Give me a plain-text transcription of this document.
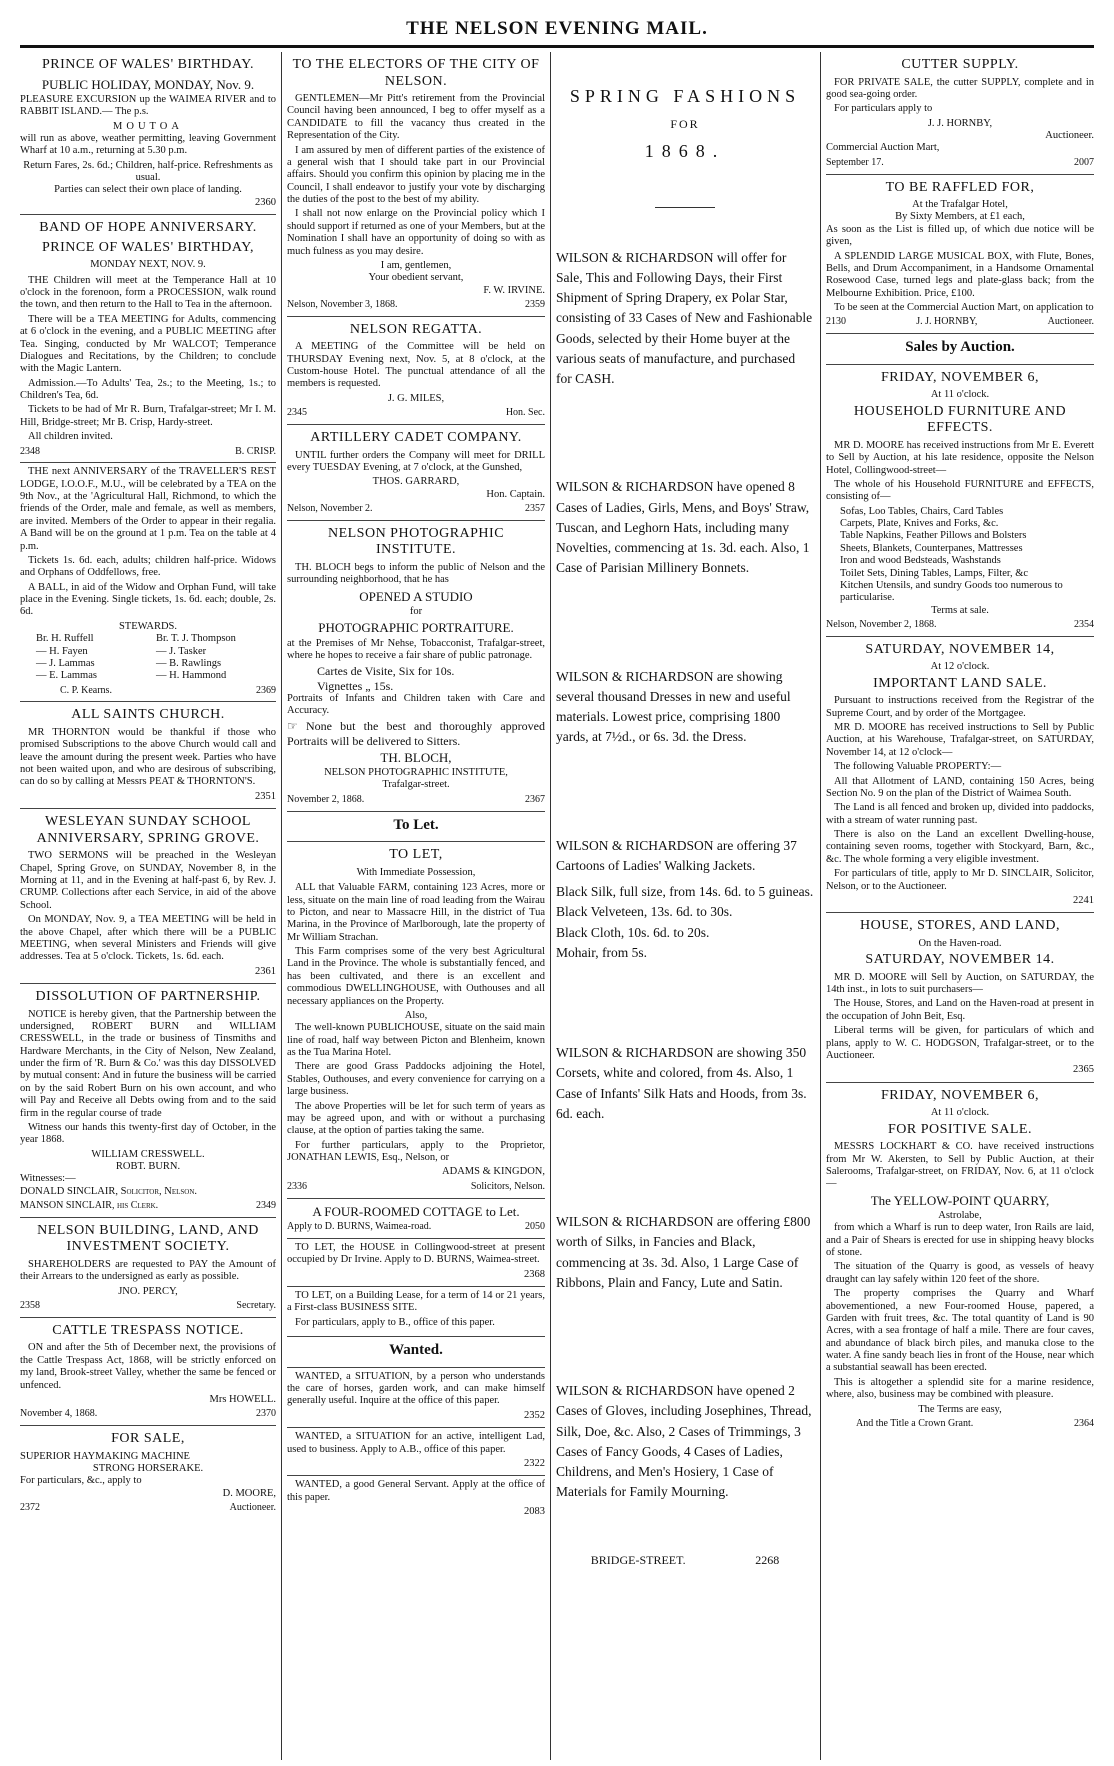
THE NELSON EVENING MAIL.
PRINCE OF WALES' BIRTHDAY.
PUBLIC HOLIDAY, MONDAY, Nov. 9.

PLEASURE EXCURSION up the WAIMEA RIVER and to RABBIT ISLAND.— The p.s.

MOUTOA

will run as above, weather permitting, leaving Government Wharf at 10 a.m., returning at 5.30 p.m.

Return Fares, 2s. 6d.; Children, half-price. Refreshments as usual.
Parties can select their own place of landing.
2360
BAND OF HOPE ANNIVERSARY.
PRINCE OF WALES' BIRTHDAY,
MONDAY NEXT, NOV. 9.

THE Children will meet at the Temperance Hall at 10 o'clock in the forenoon, form a PROCESSION, walk round the town, and then return to the Hall to Tea in the afternoon.

There will be a TEA MEETING for Adults, commencing at 6 o'clock in the evening, and a PUBLIC MEETING after Tea. Singing, conducted by Mr WALCOT; Temperance Dialogues and Recitations, by the Children; to conclude with the Magic Lantern.

Admission.—To Adults' Tea, 2s.; to the Meeting, 1s.; to Children's Tea, 6d.

Tickets to be had of Mr R. Burn, Trafalgar-street; Mr I. M. Hill, Bridge-street; Mr B. Crisp, Hardy-street.

All children invited.

2348	B. CRISP.

THE next ANNIVERSARY of the TRAVELLER'S REST LODGE, I.O.O.F., M.U., will be celebrated by a TEA on the 9th Nov., at the 'Agricultural Hall, Richmond, to which the friends of the Order, male and female, as well as members, are invited. Members of the Order to appear in their regalia. A Band will be on the ground at 1 p.m. Tea on the table at 4 p.m.

Tickets 1s. 6d. each, adults; children half-price. Widows and Orphans of Oddfellows, free.

A BALL, in aid of the Widow and Orphan Fund, will take place in the Evening. Single tickets, 1s. 6d. each; double, 2s. 6d.

STEWARDS.
Br. H. Ruffell	Br. T. J. Thompson
— H. Fayen	— J. Tasker
— J. Lammas	— B. Rawlings
— E. Lammas	— H. Hammond
C. P. Kearns.	2369
ALL SAINTS CHURCH.

MR THORNTON would be thankful if those who promised Subscriptions to the above Church would call and leave the amount during the present week. Parties who have not been waited upon, and who are desirous of subscribing, can do so by calling at Messrs PEAT & THORNTON'S.

2351
WESLEYAN SUNDAY SCHOOL ANNIVERSARY, SPRING GROVE.

TWO SERMONS will be preached in the Wesleyan Chapel, Spring Grove, on SUNDAY, November 8, in the Morning at 11, and in the Evening at half-past 6, by Rev. J. CRUMP. Collections after each Service, in aid of the above School.

On MONDAY, Nov. 9, a TEA MEETING will be held in the above Chapel, after which there will be a PUBLIC MEETING, when several Ministers and Friends will give addresses. Tea at 5 o'clock. Tickets, 1s. 6d. each.

2361
DISSOLUTION OF PARTNERSHIP.

NOTICE is hereby given, that the Partnership between the undersigned, ROBERT BURN and WILLIAM CRESSWELL, in the trade or business of Tinsmiths and Hardware Merchants, in the City of Nelson, New Zealand, under the firm of 'R. Burn & Co.' was this day DISSOLVED by mutual consent: And in future the business will be carried on by the said Robert Burn on his own account, and who will Pay and Receive all Debts owing from and to the said firm in the regular course of trade

Witness our hands this twenty-first day of October, in the year 1868.

WILLIAM CRESSWELL.
ROBT. BURN.
Witnesses:—
DONALD SINCLAIR, Solicitor, Nelson.
MANSON SINCLAIR, his Clerk.	2349
NELSON BUILDING, LAND, AND INVESTMENT SOCIETY.

SHAREHOLDERS are requested to PAY the Amount of their Arrears to the undersigned as early as possible.

JNO. PERCY,
2358	Secretary.
CATTLE TRESPASS NOTICE.

ON and after the 5th of December next, the provisions of the Cattle Trespass Act, 1868, will be strictly enforced on my land, Brook-street Valley, whether the same be fenced or unfenced.

Mrs HOWELL.
November 4, 1868.	2370
FOR SALE,
SUPERIOR HAYMAKING MACHINE
STRONG HORSERAKE.
For particulars, &c., apply to
D. MOORE,
2372	Auctioneer.
TO THE ELECTORS OF THE CITY OF NELSON.

GENTLEMEN—Mr Pitt's retirement from the Provincial Council having been announced, I beg to offer myself as a CANDIDATE to fill the vacancy thus created in the Representation of the City.

I am assured by men of different parties of the existence of a general wish that I should take part in our Provincial affairs. Should you confirm this opinion by placing me in the Council, I shall endeavor to justify your vote by discharging the duties of the post to the best of my ability.

I shall not now enlarge on the Provincial policy which I should support if returned as one of your Members, but at the Nomination I shall have an opportunity of doing so with as much fulness as you may desire.

I am, gentlemen,
Your obedient servant,
F. W. IRVINE.
Nelson, November 3, 1868.	2359
NELSON REGATTA.

A MEETING of the Committee will be held on THURSDAY Evening next, Nov. 5, at 8 o'clock, at the Custom-house Hotel. The punctual attendance of all the members is requested.

J. G. MILES,
2345	Hon. Sec.
ARTILLERY CADET COMPANY.

UNTIL further orders the Company will meet for DRILL every TUESDAY Evening, at 7 o'clock, at the Gunshed,

THOS. GARRARD,
Hon. Captain.
Nelson, November 2.	2357
NELSON PHOTOGRAPHIC INSTITUTE.

TH. BLOCH begs to inform the public of Nelson and the surrounding neighborhood, that he has

OPENED A STUDIO
for
PHOTOGRAPHIC PORTRAITURE.

at the Premises of Mr Nehse, Tobacconist, Trafalgar-street, where he hopes to receive a fair share of public patronage.

Cartes de Visite, Six for 10s.
Vignettes „ 15s.

Portraits of Infants and Children taken with Care and Accuracy.

☞ None but the best and thoroughly approved Portraits will be delivered to Sitters.

TH. BLOCH,
NELSON PHOTOGRAPHIC INSTITUTE,
Trafalgar-street.
November 2, 1868.	2367
To Let.
TO LET,
With Immediate Possession,

ALL that Valuable FARM, containing 123 Acres, more or less, situate on the main line of road leading from the Wairau to Picton, and near to Massacre Hill, in the district of Tua Marina, in the Province of Marlborough, late the property of Mr William Strachan.

This Farm comprises some of the very best Agricultural Land in the Province. The whole is substantially fenced, and has been cultivated, and there is an excellent and commodious DWELLINGHOUSE, with Outhouses and all necessary appliances on the Property.

Also,

The well-known PUBLICHOUSE, situate on the said main line of road, half way between Picton and Blenheim, known as the Tua Marina Hotel.

There are good Grass Paddocks adjoining the Hotel, Stables, Outhouses, and every convenience for carrying on a large business.

The above Properties will be let for such term of years as may be agreed upon, and with or without a purchasing clause, at the option of parties taking the same.

For further particulars, apply to the Proprietor, JONATHAN LEWIS, Esq., Nelson, or

ADAMS & KINGDON,
2336	Solicitors, Nelson.
A FOUR-ROOMED COTTAGE to Let.
Apply to D. BURNS, Waimea-road.	2050

TO LET, the HOUSE in Collingwood-street at present occupied by Dr Irvine. Apply to D. BURNS, Waimea-street.

2368

TO LET, on a Building Lease, for a term of 14 or 21 years, a First-class BUSINESS SITE.

For particulars, apply to B., office of this paper.

Wanted.

WANTED, a SITUATION, by a person who understands the care of horses, garden work, and can make himself generally useful. Inquire at the office of this paper.

2352

WANTED, a SITUATION for an active, intelligent Lad, used to business. Apply to A.B., office of this paper.

2322

WANTED, a good General Servant. Apply at the office of this paper.

2083
SPRING FASHIONS
FOR
1868.

WILSON & RICHARDSON will offer for Sale, This and Following Days, their First Shipment of Spring Drapery, ex Polar Star, consisting of 33 Cases of New and Fashionable Goods, selected by their Home buyer at the various seats of manufacture, and purchased for CASH.

WILSON & RICHARDSON have opened 8 Cases of Ladies, Girls, Mens, and Boys' Straw, Tuscan, and Leghorn Hats, including many Novelties, commencing at 1s. 3d. each. Also, 1 Case of Parisian Millinery Bonnets.

WILSON & RICHARDSON are showing several thousand Dresses in new and useful materials. Lowest price, comprising 1800 yards, at 7½d., or 6s. 3d. the Dress.

WILSON & RICHARDSON are offering 37 Cartoons of Ladies' Walking Jackets.

Black Silk, full size, from 14s. 6d. to 5 guineas.
Black Velveteen, 13s. 6d. to 30s.
Black Cloth, 10s. 6d. to 20s.
Mohair, from 5s.

WILSON & RICHARDSON are showing 350 Corsets, white and colored, from 4s. Also, 1 Case of Infants' Silk Hats and Hoods, from 3s. 6d. each.

WILSON & RICHARDSON are offering £800 worth of Silks, in Fancies and Black, commencing at 3s. 3d. Also, 1 Large Case of Ribbons, Plain and Fancy, Lute and Satin.

WILSON & RICHARDSON have opened 2 Cases of Gloves, including Josephines, Thread, Silk, Doe, &c. Also, 2 Cases of Trimmings, 3 Cases of Fancy Goods, 4 Cases of Ladies, Childrens, and Men's Hosiery, 1 Case of Materials for Family Mourning.

BRIDGE-STREET.	2268
CUTTER SUPPLY.

FOR PRIVATE SALE, the cutter SUPPLY, complete and in good sea-going order.

For particulars apply to

J. J. HORNBY,
Auctioneer.
Commercial Auction Mart,
September 17.	2007
TO BE RAFFLED FOR,
At the Trafalgar Hotel,
By Sixty Members, at £1 each,

As soon as the List is filled up, of which due notice will be given,

A SPLENDID LARGE MUSICAL BOX, with Flute, Bones, Bells, and Drum Accompaniment, in a Handsome Ornamental Rosewood Case, turned legs and plate-glass back; from the Melbourne Exhibition. Price, £100.

To be seen at the Commercial Auction Mart, on application to

2130	J. J. HORNBY,	Auctioneer.
Sales by Auction.
FRIDAY, NOVEMBER 6,
At 11 o'clock.
HOUSEHOLD FURNITURE AND EFFECTS.

MR D. MOORE has received instructions from Mr E. Everett to Sell by Auction, at his late residence, opposite the Nelson Hotel, Collingwood-street—

The whole of his Household FURNITURE and EFFECTS, consisting of—

Sofas, Loo Tables, Chairs, Card Tables
Carpets, Plate, Knives and Forks, &c.
Table Napkins, Feather Pillows and Bolsters
Sheets, Blankets, Counterpanes, Mattresses
Iron and wood Bedsteads, Washstands
Toilet Sets, Dining Tables, Lamps, Filter, &c
Kitchen Utensils, and sundry Goods too numerous to particularise.
Terms at sale.
Nelson, November 2, 1868.	2354
SATURDAY, NOVEMBER 14,
At 12 o'clock.
IMPORTANT LAND SALE.

Pursuant to instructions received from the Registrar of the Supreme Court, and by order of the Mortgagee.

MR D. MOORE has received instructions to Sell by Public Auction, at his Warehouse, Trafalgar-street, on SATURDAY, November 14, at 12 o'clock—

The following Valuable PROPERTY:—

All that Allotment of LAND, containing 150 Acres, being Section No. 9 on the plan of the District of Waimea South.

The Land is all fenced and broken up, divided into paddocks, with a stream of water running past.

There is also on the Land an excellent Dwelling-house, containing seven rooms, together with Stockyard, Barn, &c., &c. The whole forming a very eligible investment.

For particulars of title, apply to Mr D. SINCLAIR, Solicitor, Nelson, or to the Auctioneer.

2241
HOUSE, STORES, AND LAND,
On the Haven-road.
SATURDAY, NOVEMBER 14.

MR D. MOORE will Sell by Auction, on SATURDAY, the 14th inst., in lots to suit purchasers—

The House, Stores, and Land on the Haven-road at present in the occupation of John Beit, Esq.

Liberal terms will be given, for particulars of which and plans, apply to W. C. HODGSON, Trafalgar-street, or to the Auctioneer.

2365
FRIDAY, NOVEMBER 6,
At 11 o'clock.
FOR POSITIVE SALE.

MESSRS LOCKHART & CO. have received instructions from Mr W. Akersten, to Sell by Public Auction, at their Salerooms, Trafalgar-street, on FRIDAY, Nov. 6, at 11 o'clock—

The YELLOW-POINT QUARRY,
Astrolabe,

from which a Wharf is run to deep water, Iron Rails are laid, and a Pair of Shears is erected for use in shipping heavy blocks of stone.

The situation of the Quarry is good, as vessels of heavy draught can lay safely within 120 feet of the shore.

The property comprises the Quarry and Wharf abovementioned, a new Four-roomed House, papered, a Garden with fruit trees, &c. The total quantity of Land is 90 Acres, with a sea frontage of half a mile. There are four caves, and abundance of black birch piles, and manuka close to the water. A fine sandy beach lies in front of the House, near which a substantial seawall has been erected.

This is altogether a splendid site for a marine residence, where, also, business may be combined with pleasure.

The Terms are easy,
And the Title a Crown Grant.	2364
